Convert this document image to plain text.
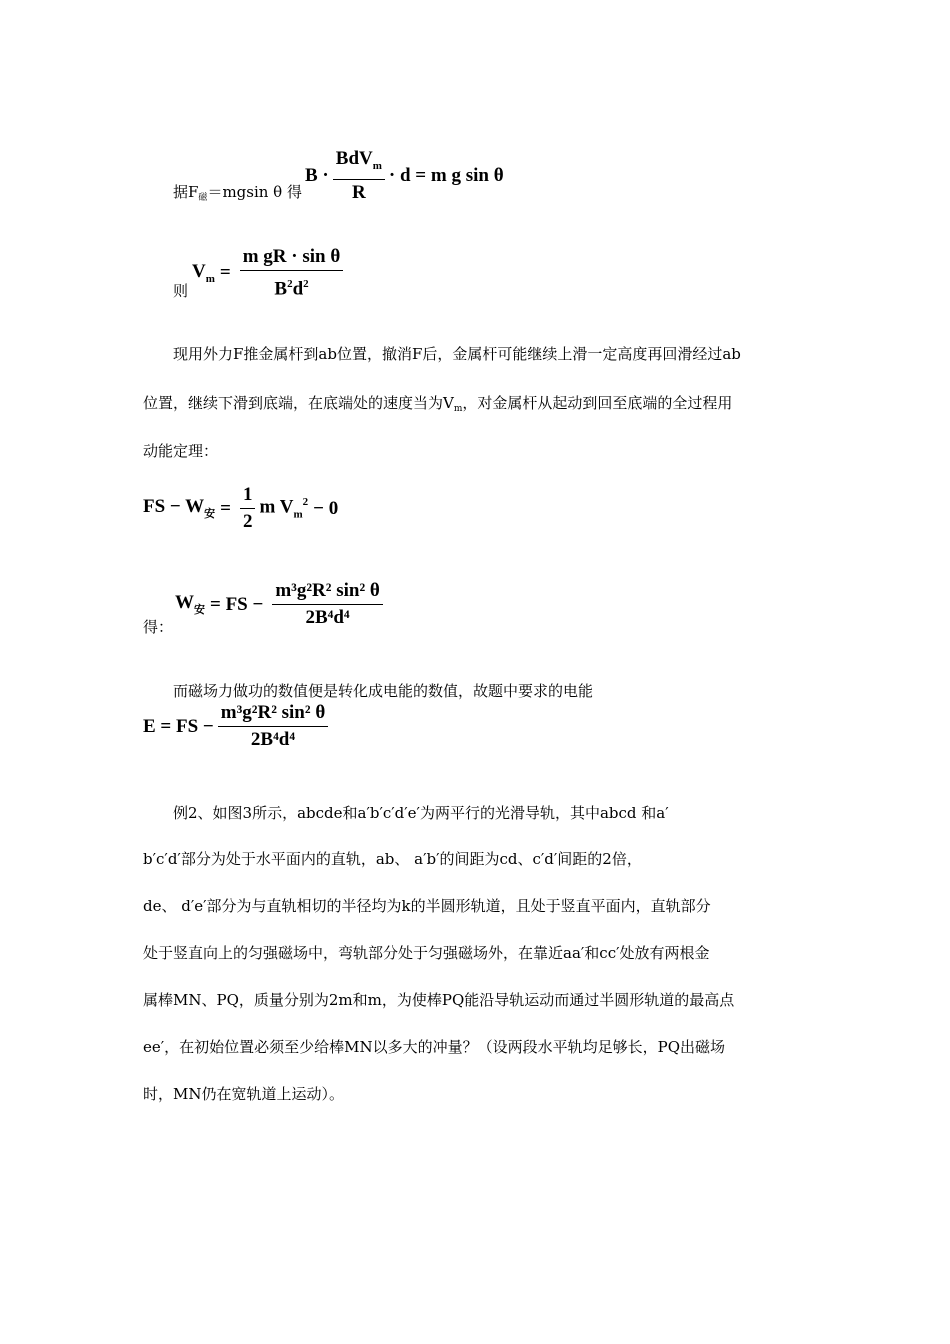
据$F_磁=mgsin$ θ 得
$B \cdot \frac{BdV_m}{R} \cdot d = m$ g sin θ
则
$V_m = \frac{\text{m gR · sin θ}}{B^2d^2}$
现用外力F推金属杆到ab位置，撤消F后，金属杆可能继续上滑一定高度再回滑经过ab
位置，继续下滑到底端，在底端处的速度当为$V_m$，对金属杆从起动到回至底端的全过程用
动能定理：
FS − $W_安 = \frac{1}{2}$ m $V_m^2 - 0$
得：
$W_安$ = FS − $\frac{\text{m³g²R² sin² θ}}{\text{2B⁴d⁴}}$
而磁场力做功的数值便是转化成电能的数值，故题中要求的电能
E = FS − $\frac{\text{m³g²R² sin² θ}}{\text{2B⁴d⁴}}$
例2、如图3所示，abcde和a′b′c′d′e′为两平行的光滑导轨，其中abcd 和a′
b′c′d′部分为处于水平面内的直轨，ab、 a′b′的间距为cd、c′d′间距的2倍，
de、 d′e′部分为与直轨相切的半径均为k的半圆形轨道，且处于竖直平面内，直轨部分
处于竖直向上的匀强磁场中，弯轨部分处于匀强磁场外，在靠近aa′和cc′处放有两根金
属棒MN、PQ，质量分别为2m和m，为使棒PQ能沿导轨运动而通过半圆形轨道的最高点
ee′，在初始位置必须至少给棒MN以多大的冲量？（设两段水平轨均足够长，PQ出磁场
时，MN仍在宽轨道上运动）。
